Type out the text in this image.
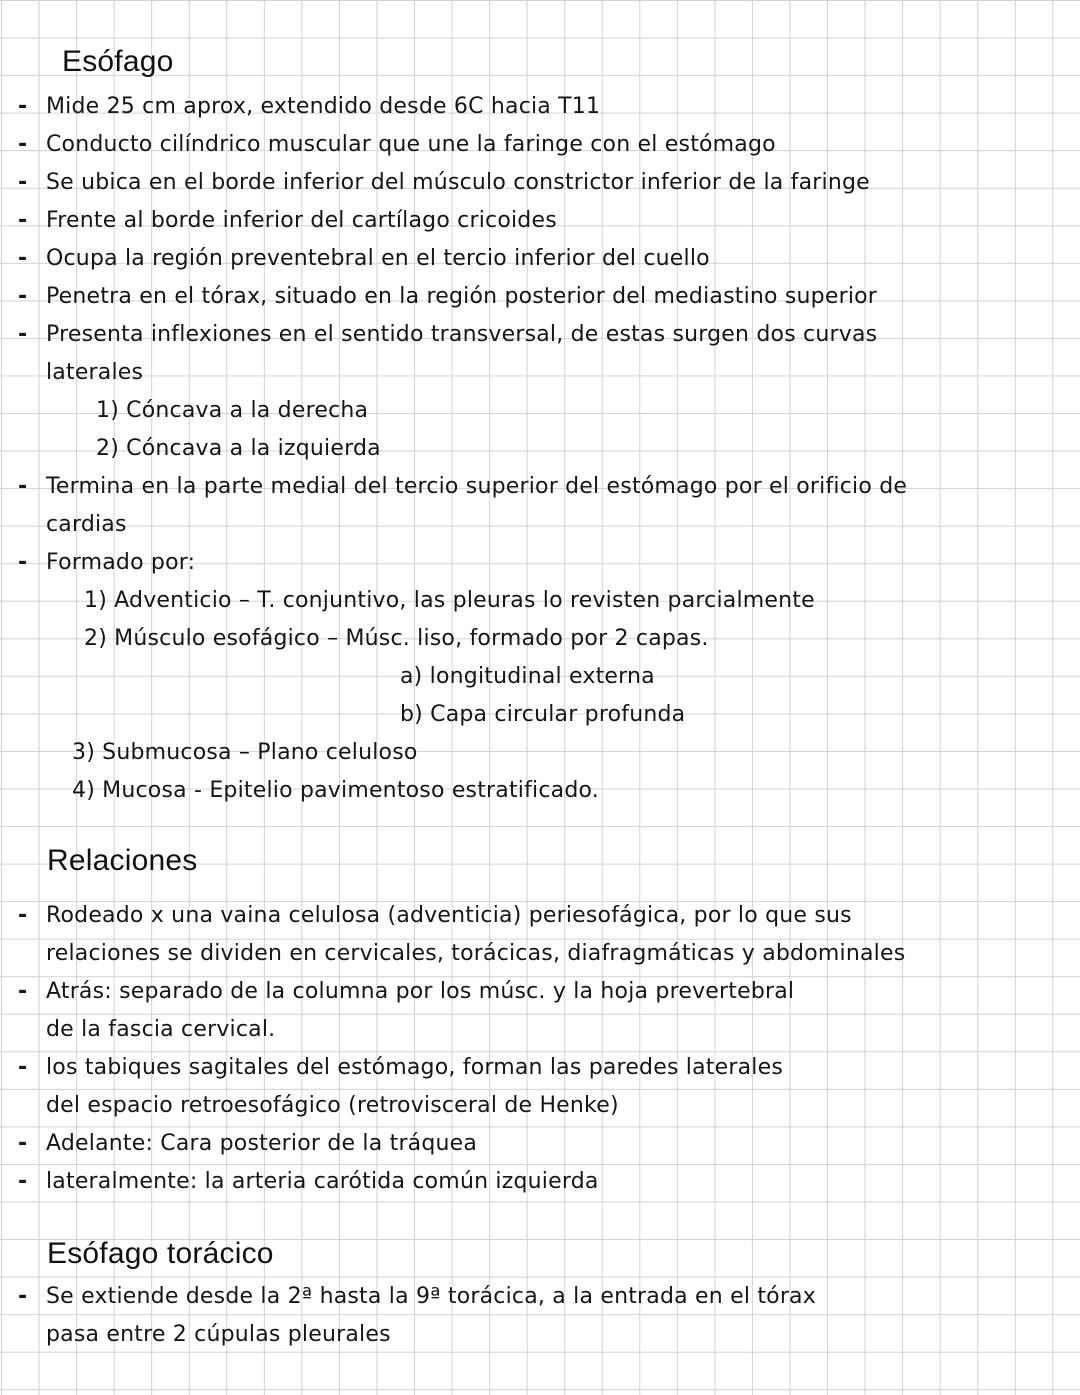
Esófago
- Mide 25 cm aprox, extendido desde 6C hacia T11
- Conducto cilíndrico muscular que une la faringe con el estómago
- Se ubica en el borde inferior del músculo constrictor inferior de la faringe
- Frente al borde inferior del cartílago cricoides
- Ocupa la región preventebral en el tercio inferior del cuello
- Penetra en el tórax, situado en la región posterior del mediastino superior
- Presenta inflexiones en el sentido transversal, de estas surgen dos curvas
laterales
1) Cóncava a la derecha
2) Cóncava a la izquierda
- Termina en la parte medial del tercio superior del estómago por el orificio de
cardias
- Formado por:
1) Adventicio – T. conjuntivo, las pleuras lo revisten parcialmente
2) Músculo esofágico – Músc. liso, formado por 2 capas.
a) longitudinal externa
b) Capa circular profunda
3) Submucosa – Plano celuloso
4) Mucosa - Epitelio pavimentoso estratificado.
Relaciones
- Rodeado x una vaina celulosa (adventicia) periesofágica, por lo que sus
relaciones se dividen en cervicales, torácicas, diafragmáticas y abdominales
- Atrás: separado de la columna por los músc. y la hoja prevertebral
de la fascia cervical.
- los tabiques sagitales del estómago, forman las paredes laterales
del espacio retroesofágico (retrovisceral de Henke)
- Adelante: Cara posterior de la tráquea
- lateralmente: la arteria carótida común izquierda
Esófago torácico
- Se extiende desde la 2ª hasta la 9ª torácica, a la entrada en el tórax
pasa entre 2 cúpulas pleurales
